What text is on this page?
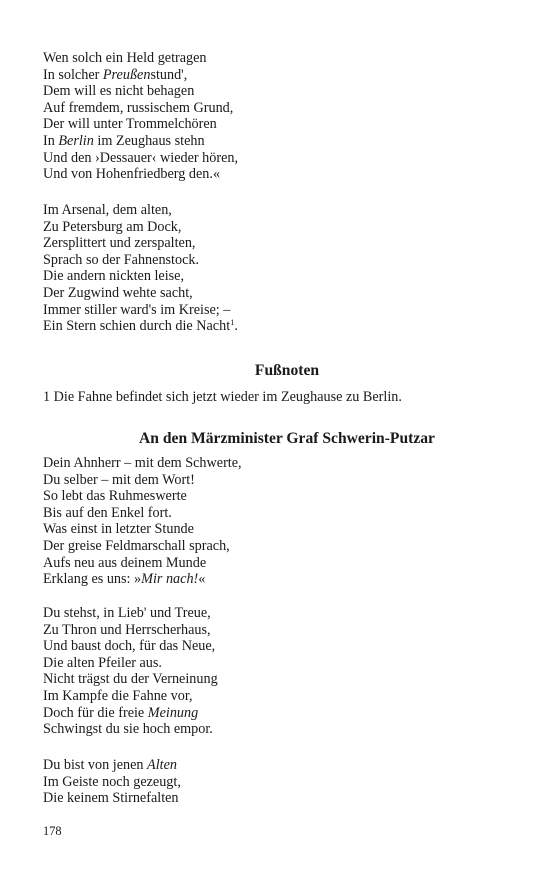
Wen solch ein Held getragen
In solcher Preußenstund',
Dem will es nicht behagen
Auf fremdem, russischem Grund,
Der will unter Trommelchören
In Berlin im Zeughaus stehn
Und den ›Dessauer‹ wieder hören,
Und von Hohenfriedberg den.«
Im Arsenal, dem alten,
Zu Petersburg am Dock,
Zersplittert und zerspalten,
Sprach so der Fahnenstock.
Die andern nickten leise,
Der Zugwind wehte sacht,
Immer stiller ward's im Kreise; –
Ein Stern schien durch die Nacht$^1$.
Fußnoten
1 Die Fahne befindet sich jetzt wieder im Zeughause zu Berlin.
An den Märzminister Graf Schwerin-Putzar
Dein Ahnherr – mit dem Schwerte,
Du selber – mit dem Wort!
So lebt das Ruhmeswerte
Bis auf den Enkel fort.
Was einst in letzter Stunde
Der greise Feldmarschall sprach,
Aufs neu aus deinem Munde
Erklang es uns: »Mir nach!«
Du stehst, in Lieb' und Treue,
Zu Thron und Herrscherhaus,
Und baust doch, für das Neue,
Die alten Pfeiler aus.
Nicht trägst du der Verneinung
Im Kampfe die Fahne vor,
Doch für die freie Meinung
Schwingst du sie hoch empor.
Du bist von jenen Alten
Im Geiste noch gezeugt,
Die keinem Stirnefalten
178
